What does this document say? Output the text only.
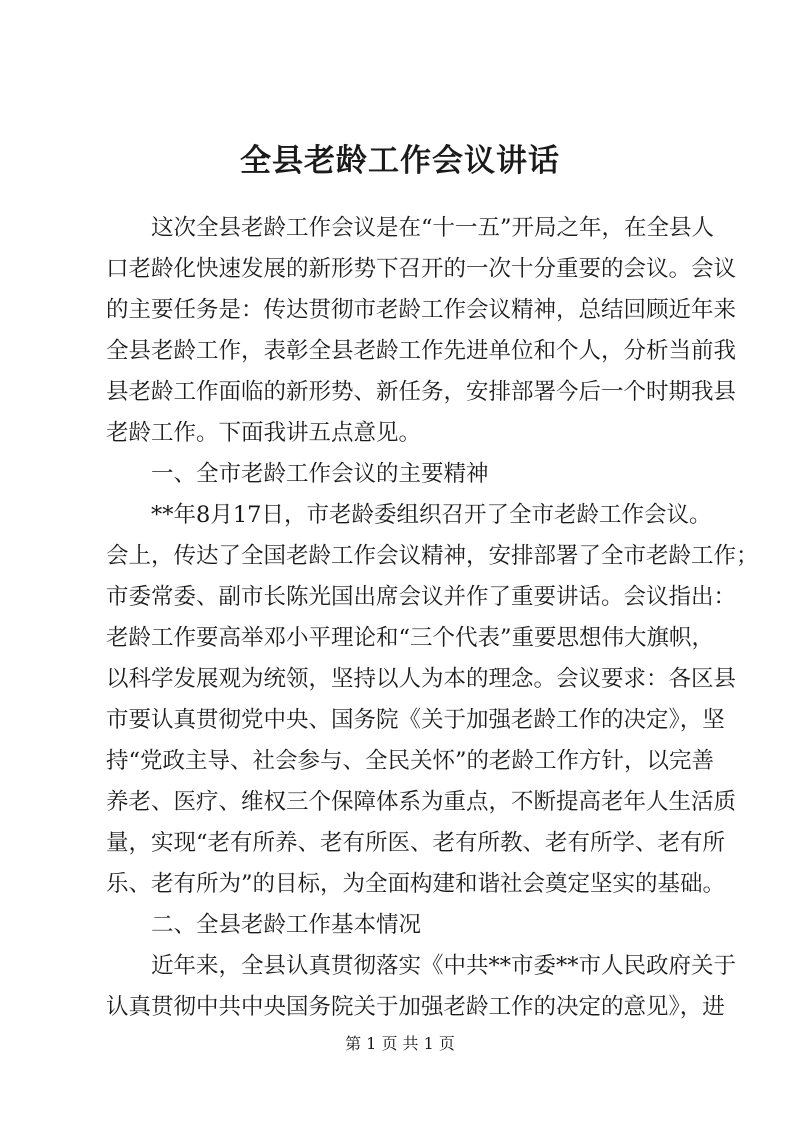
全县老龄工作会议讲话
这次全县老龄工作会议是在“十一五”开局之年，在全县人
口老龄化快速发展的新形势下召开的一次十分重要的会议。会议
的主要任务是：传达贯彻市老龄工作会议精神，总结回顾近年来
全县老龄工作，表彰全县老龄工作先进单位和个人，分析当前我
县老龄工作面临的新形势、新任务，安排部署今后一个时期我县
老龄工作。下面我讲五点意见。
一、全市老龄工作会议的主要精神
**年8月17日，市老龄委组织召开了全市老龄工作会议。
会上，传达了全国老龄工作会议精神，安排部署了全市老龄工作；
市委常委、副市长陈光国出席会议并作了重要讲话。会议指出：
老龄工作要高举邓小平理论和“三个代表”重要思想伟大旗帜，
以科学发展观为统领，坚持以人为本的理念。会议要求：各区县
市要认真贯彻党中央、国务院《关于加强老龄工作的决定》，坚
持“党政主导、社会参与、全民关怀”的老龄工作方针，以完善
养老、医疗、维权三个保障体系为重点，不断提高老年人生活质
量，实现“老有所养、老有所医、老有所教、老有所学、老有所
乐、老有所为”的目标，为全面构建和谐社会奠定坚实的基础。
二、全县老龄工作基本情况
近年来，全县认真贯彻落实《中共**市委**市人民政府关于
认真贯彻中共中央国务院关于加强老龄工作的决定的意见》，进
第 1 页 共 1 页
